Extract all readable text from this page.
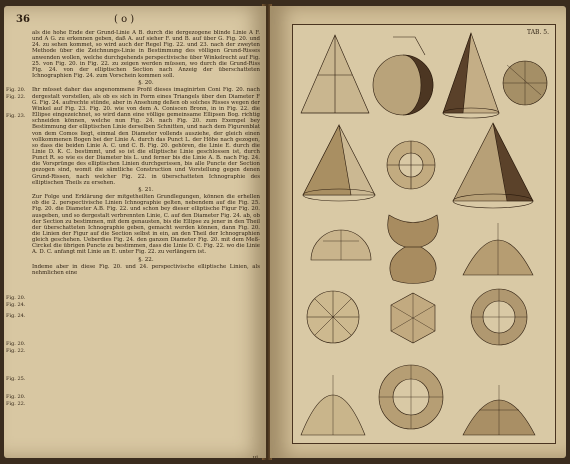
36	( o )
Fig. 20.
Fig. 22.
Fig. 23.
Fig. 20.
Fig. 24.
Fig. 24.
Fig. 20.
Fig. 22.
Fig. 25.
Fig. 20.
Fig. 22.

als die hohe Ende der Grund-Linie A B. durch die dergezogene blinde Linie A F. und A G. zu erkennen geben, daß A. auf sieher F. und B. auf über G. Fig. 20. und 24. zu sehen kommet, so wird auch der Regel Fig. 22. und 23. nach der zweyten Methode über die Zeichnungs-Linie in Bestimmung des völligen Grund-Risses anwenden wollen, welche durchgehends perspectivische über Winkelrecht auf Fig. 25. von Fig. 20. in Fig. 22. zu zeigen werden müssen, wo durch die Grund-Riss Fig. 24. von der elliptischen Section nach Anzeig der überschatteten Ichnographien Fig. 24. zum Vorschein kommen soll.

§. 20.

Ihr müsset daher das angenommene Profil dieses imaginirten Coni Fig. 20. nach dergestalt vorstellen, als ob es sich in Form eines Triangels über den Diameter F G. Fig. 24. aufrechte stünde, aber in Ansehung deßen ob solches Risses wegen der Winkel auf Fig. 23. Fig. 20. wie von dem A. Coniscen Bronn, in in Fig. 22. die Ellipse eingezeichnet, so wird dann eine völlige gemeinsame Ellipsen Bog. richtig schneiden können, welche nun Fig. 24. nach Fig. 20. zum Exempel bey Bestimmung der elliptischen Linie derselben Schnitten, und nach dem Figurenblat von dem Comos liegt, einmal den Diameter vollends ausziehe, der gleich einen vollkommenen Bogen bei der Linie A. durch das Punct L. der Höhe nach gezogen, so dass die beiden Linie A. C. und C. B. Fig. 20. gehören, die Linie E. durch die Linie D. K. C. bestimmt, und so ist die elliptische Linie geschlossen ist, durch Punct R. so wie es der Diameter bis L. und ferner bis die Linie A. B. nach Fig. 24. die Vorsprünge des elliptischen Linien durchgerissen, bis alle Puncte der Section gezogen sind, womit die sämtliche Construction und Vorstellung gegen denen Grund-Rissen, nach welcher Fig. 22. in überschatteten Ichnographie des elliptischen Theils zu ersehen.

§. 21.

Zur Folge und Erklärung der mitgetheilten Grundlegungen, können die erhellen ob die 2. perspectivische Linien Ichnographie gelten, nebendem auf die Fig. 25. Fig. 20. die Diameter A.B. Fig. 22. und schon bey dieser elliptische Figur Fig. 20. ausgeben, und so dergestalt verbrennten Linie, C. auf den Diameter Fig. 24. ab, ob der Section zu bestimmen, mit dem genausten, bis die Ellipse zu jener in den Theil der überschatteten Ichnographie geben, gemacht werden können, dann Fig. 20. die Linien der Figur auf die Section selbst in ein, an den Theil der Ichnographien gleich geschehen. Ueberdies Fig. 24. den ganzen Diameter Fig. 20. mit dem Meß-Circkel die übrigen Puncte zu bestimmen, dass die Linie D. C. Fig. 22. wo die Linie A. D. C. anfangt mit Linie an E. unter Fig. 22. zu verlängern ist.

§. 22.

Indeme aber in diese Fig. 20. und 24. perspectivische elliptische Linien, als nehmlichen eine

ui
TAB. 5.
